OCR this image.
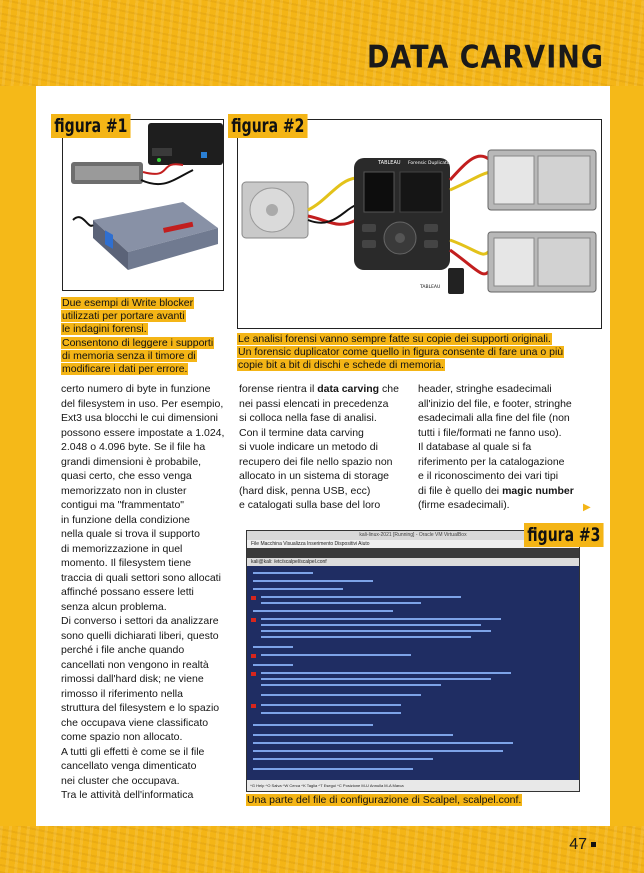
DATA CARVING
figura #1
Due esempi di Write blocker
utilizzati per portare avanti
le indagini forensi.
Consentono di leggere i supporti
di memoria senza il timore di
modificare i dati per errore.
TABLEAU Forensic Duplicator
TABLEAU
figura #2
Le analisi forensi vanno sempre fatte su copie dei supporti originali.
Un forensic duplicator come quello in figura consente di fare una o più
copie bit a bit di dischi e schede di memoria.
certo numero di byte in funzione
del filesystem in uso. Per esempio,
Ext3 usa blocchi le cui dimensioni
possono essere impostate a 1.024,
2.048 o 4.096 byte. Se il file ha
grandi dimensioni è probabile,
quasi certo, che esso venga
memorizzato non in cluster
contigui ma "frammentato"
in funzione della condizione
nella quale si trova il supporto
di memorizzazione in quel
momento. Il filesystem tiene
traccia di quali settori sono allocati
affinché possano essere letti
senza alcun problema.
Di converso i settori da analizzare
sono quelli dichiarati liberi, questo
perché i file anche quando
cancellati non vengono in realtà
rimossi dall'hard disk; ne viene
rimosso il riferimento nella
struttura del filesystem e lo spazio
che occupava viene classificato
come spazio non allocato.
A tutti gli effetti è come se il file
cancellato venga dimenticato
nei cluster che occupava.
Tra le attività dell'informatica
forense rientra il data carving che
nei passi elencati in precedenza
si colloca nella fase di analisi.
Con il termine data carving
si vuole indicare un metodo di
recupero dei file nello spazio non
allocato in un sistema di storage
(hard disk, penna USB, ecc)
e catalogati sulla base del loro
header, stringhe esadecimali
all'inizio del file, e footer, stringhe
esadecimali alla fine del file (non
tutti i file/formati ne fanno uso).
Il database al quale si fa
riferimento per la catalogazione
e il riconoscimento dei vari tipi
di file è quello dei magic number
(firme esadecimali).	▶
kali-linux-2021 [Running] - Oracle VM VirtualBox
File Macchina Visualizza Inserimento Dispositivi Aiuto
kali@kali: /etc/scalpel/scalpel.conf
^G Help ^O Salva ^W Cerca ^K Taglia ^T Esegui ^C Posizione M-U Annulla M-A Marca
figura #3
Una parte del file di configurazione di Scalpel, scalpel.conf.
47
